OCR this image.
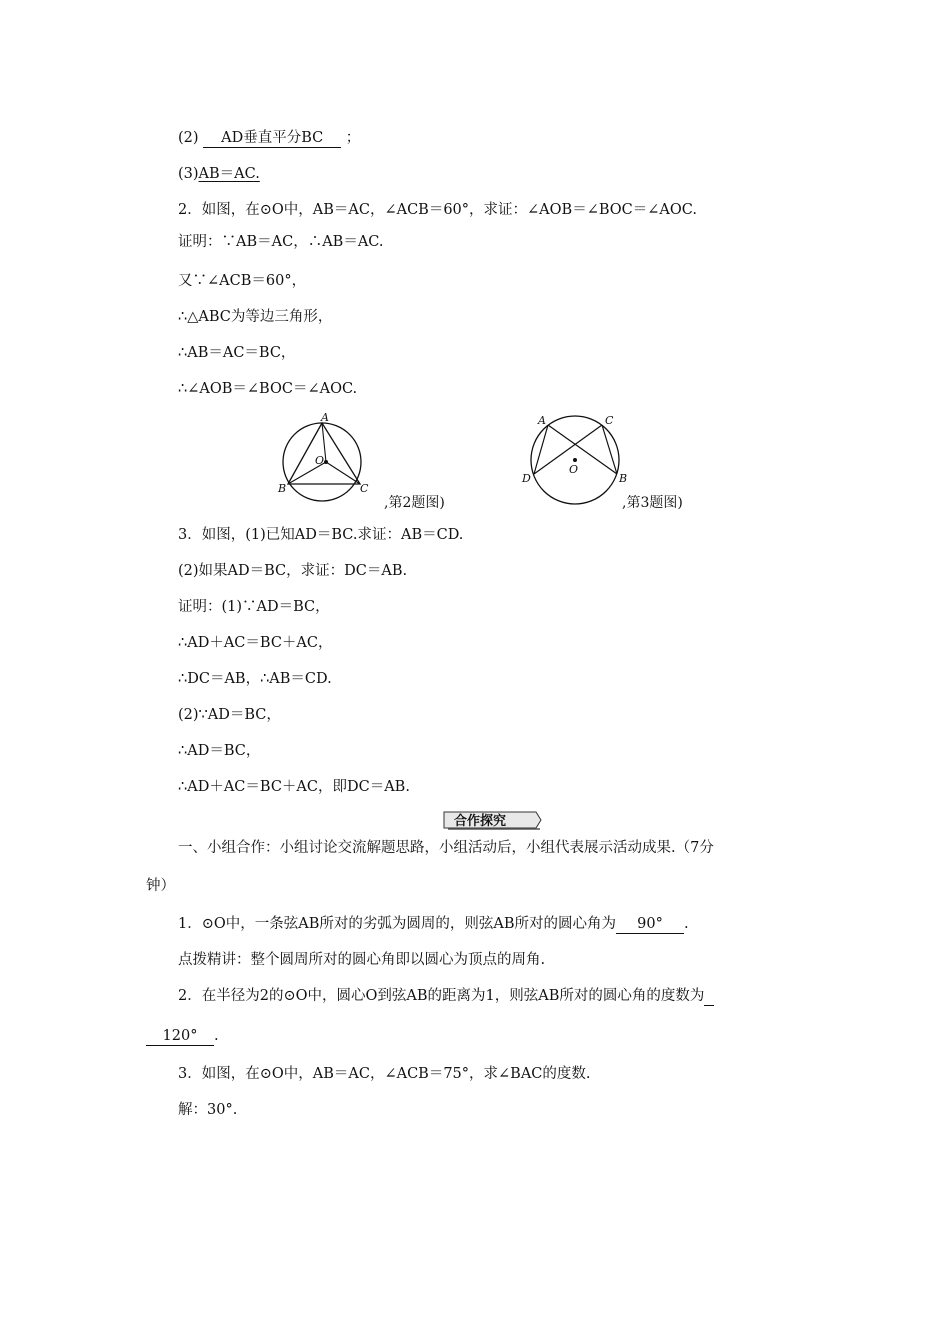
(2) AD垂直平分BC ；
(3)AB＝AC.
2．如图，在⊙O中，AB＝AC，∠ACB＝60°，求证：∠AOB＝∠BOC＝∠AOC.
证明：∵AB＝AC，∴AB＝AC.
又∵∠ACB＝60°，
∴△ABC为等边三角形，
∴AB＝AC＝BC，
∴∠AOB＝∠BOC＝∠AOC.
A
B	C
O
,第2题图)
A	C
D	B
O
,第3题图)
3．如图，(1)已知AD＝BC.求证：AB＝CD.
(2)如果AD＝BC，求证：DC＝AB.
证明：(1)∵AD＝BC，
∴AD＋AC＝BC＋AC，
∴DC＝AB，∴AB＝CD.
(2)∵AD＝BC，
∴AD＝BC，
∴AD＋AC＝BC＋AC，即DC＝AB.
合作探究
一、小组合作：小组讨论交流解题思路，小组活动后，小组代表展示活动成果.（7分
钟）
1．⊙O中，一条弦AB所对的劣弧为圆周的，则弦AB所对的圆心角为 90° .
点拨精讲：整个圆周所对的圆心角即以圆心为顶点的周角.
2．在半径为2的⊙O中，圆心O到弦AB的距离为1，则弦AB所对的圆心角的度数为
120° .
3．如图，在⊙O中，AB＝AC，∠ACB＝75°，求∠BAC的度数.
解：30°.
